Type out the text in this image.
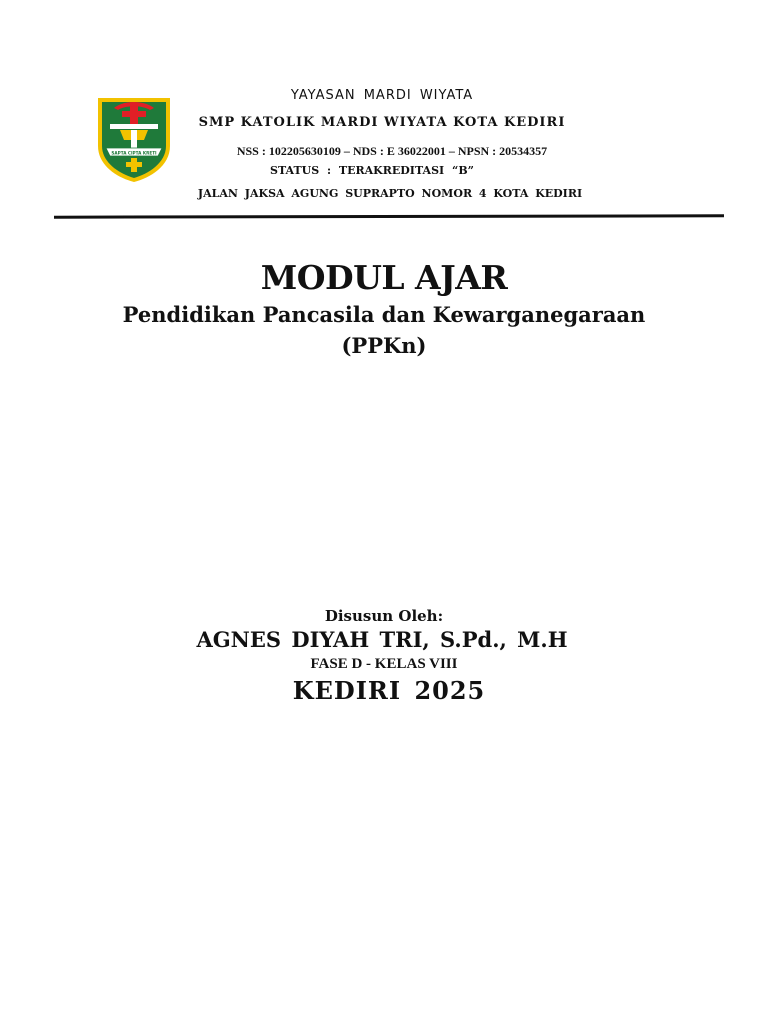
SAPTA CIPTA KRETI
YAYASAN MARDI WIYATA
SMP KATOLIK MARDI WIYATA KOTA KEDIRI
NSS : 102205630109 – NDS : E 36022001 – NPSN : 20534357
STATUS : TERAKREDITASI “B”
JALAN JAKSA AGUNG SUPRAPTO NOMOR 4 KOTA KEDIRI
MODUL AJAR
Pendidikan Pancasila dan Kewarganegaraan
(PPKn)
Disusun Oleh:
AGNES DIYAH TRI, S.Pd., M.H
FASE D - KELAS VIII
KEDIRI 2025
